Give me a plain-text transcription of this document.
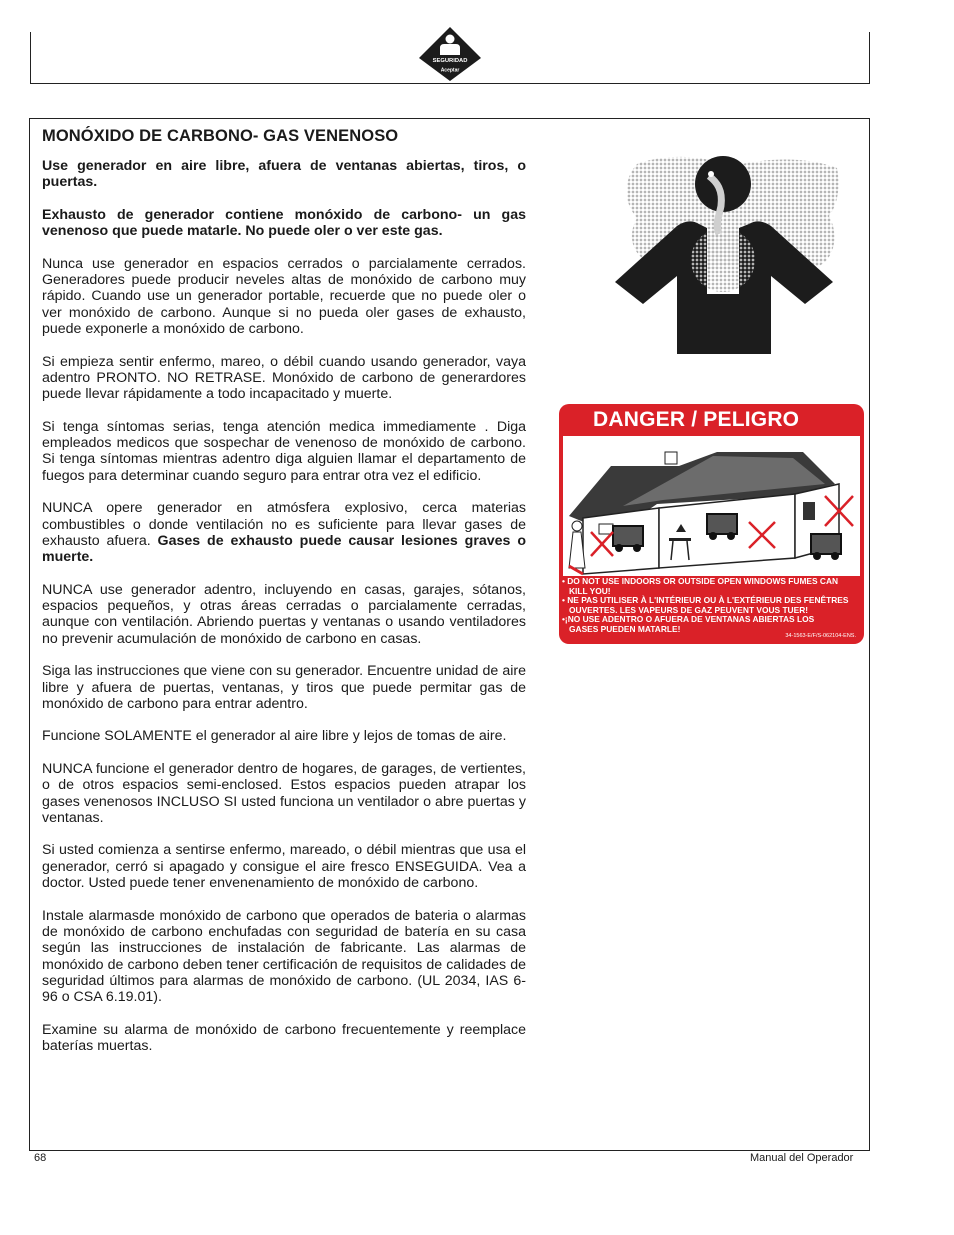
SEGURIDAD
Aceptar
MONÓXIDO DE CARBONO- GAS VENENOSO

Use generador en aire libre, afuera de ventanas abiertas, tiros, o puertas.

Exhausto de generador contiene monóxido de carbono- un gas venenoso que puede matarle. No puede oler o ver este gas.

Nunca use generador en espacios cerrados o parcialamente cerrados. Generadores puede producir neveles altas de monóxido de carbono muy rápido. Cuando use un generador portable, recuerde que no puede oler o ver monóxido de carbono. Aunque si no pueda oler gases de exhausto, puede exponerle a monóxido de carbono.

Si empieza sentir enfermo, mareo, o débil cuando usando generador, vaya adentro PRONTO. NO RETRASE. Monóxido de carbono de generardores puede llevar rápidamente a todo incapacitado y muerte.

Si tenga síntomas serias, tenga atención medica immediamente . Diga empleados medicos que sospechar de venenoso de monóxido de carbono. Si tenga síntomas mientras adentro diga alguien llamar el departamento de fuegos para determinar cuando seguro para entrar otra vez el edificio.

NUNCA opere generador en atmósfera explosivo, cerca materias combustibles o donde ventilación no es suficiente para llevar gases de exhausto afuera. Gases de exhausto puede causar lesiones graves o muerte.

NUNCA use generador adentro, incluyendo en casas, garajes, sótanos, espacios pequeños, y otras áreas cerradas o parcialamente cerradas, aunque con ventilación. Abriendo puertas y ventanas o usando ventiladores no prevenir acumulación de monóxido de carbono en casas.

Siga las instrucciones que viene con su generador. Encuentre unidad de aire libre y afuera de puertas, ventanas, y tiros que puede permitar gas de monóxido de carbono para entrar adentro.

Funcione SOLAMENTE el generador al aire libre y lejos de tomas de aire.

NUNCA funcione el generador dentro de hogares, de garages, de vertientes, o de otros espacios semi-enclosed. Estos espacios pueden atrapar los gases venenosos INCLUSO SI usted funciona un ventilador o abre puertas y ventanas.

Si usted comienza a sentirse enfermo, mareado, o débil mientras que usa el generador, cerró si apagado y consigue el aire fresco ENSEGUIDA. Vea a doctor. Usted puede tener envenenamiento de monóxido de carbono.

Instale alarmasde monóxido de carbono que operados de bateria o alarmas de monóxido de carbono enchufadas con seguridad de batería en su casa según las instrucciones de instalación de fabricante. Las alarmas de monóxido de carbono deben tener certificación de requisitos de calidades de seguridad últimos para alarmas de monóxido de carbono. (UL 2034, IAS 6-96 o CSA 6.19.01).

Examine su alarma de monóxido de carbono frecuentemente y reemplace baterías muertas.

DANGER / PELIGRO
• DO NOT USE INDOORS OR OUTSIDE OPEN WINDOWS FUMES CAN
KILL YOU!
• NE PAS UTILISER À L'INTÉRIEUR OU À L'EXTÉRIEUR DES FENÊTRES
OUVERTES. LES VAPEURS DE GAZ PEUVENT VOUS TUER!
•¡NO USE ADENTRO O AFUERA DE VENTANAS ABIERTAS LOS
GASES PUEDEN MATARLE!
34-1563-E/F/S-062104-ENS.
68	Manual del Operador
